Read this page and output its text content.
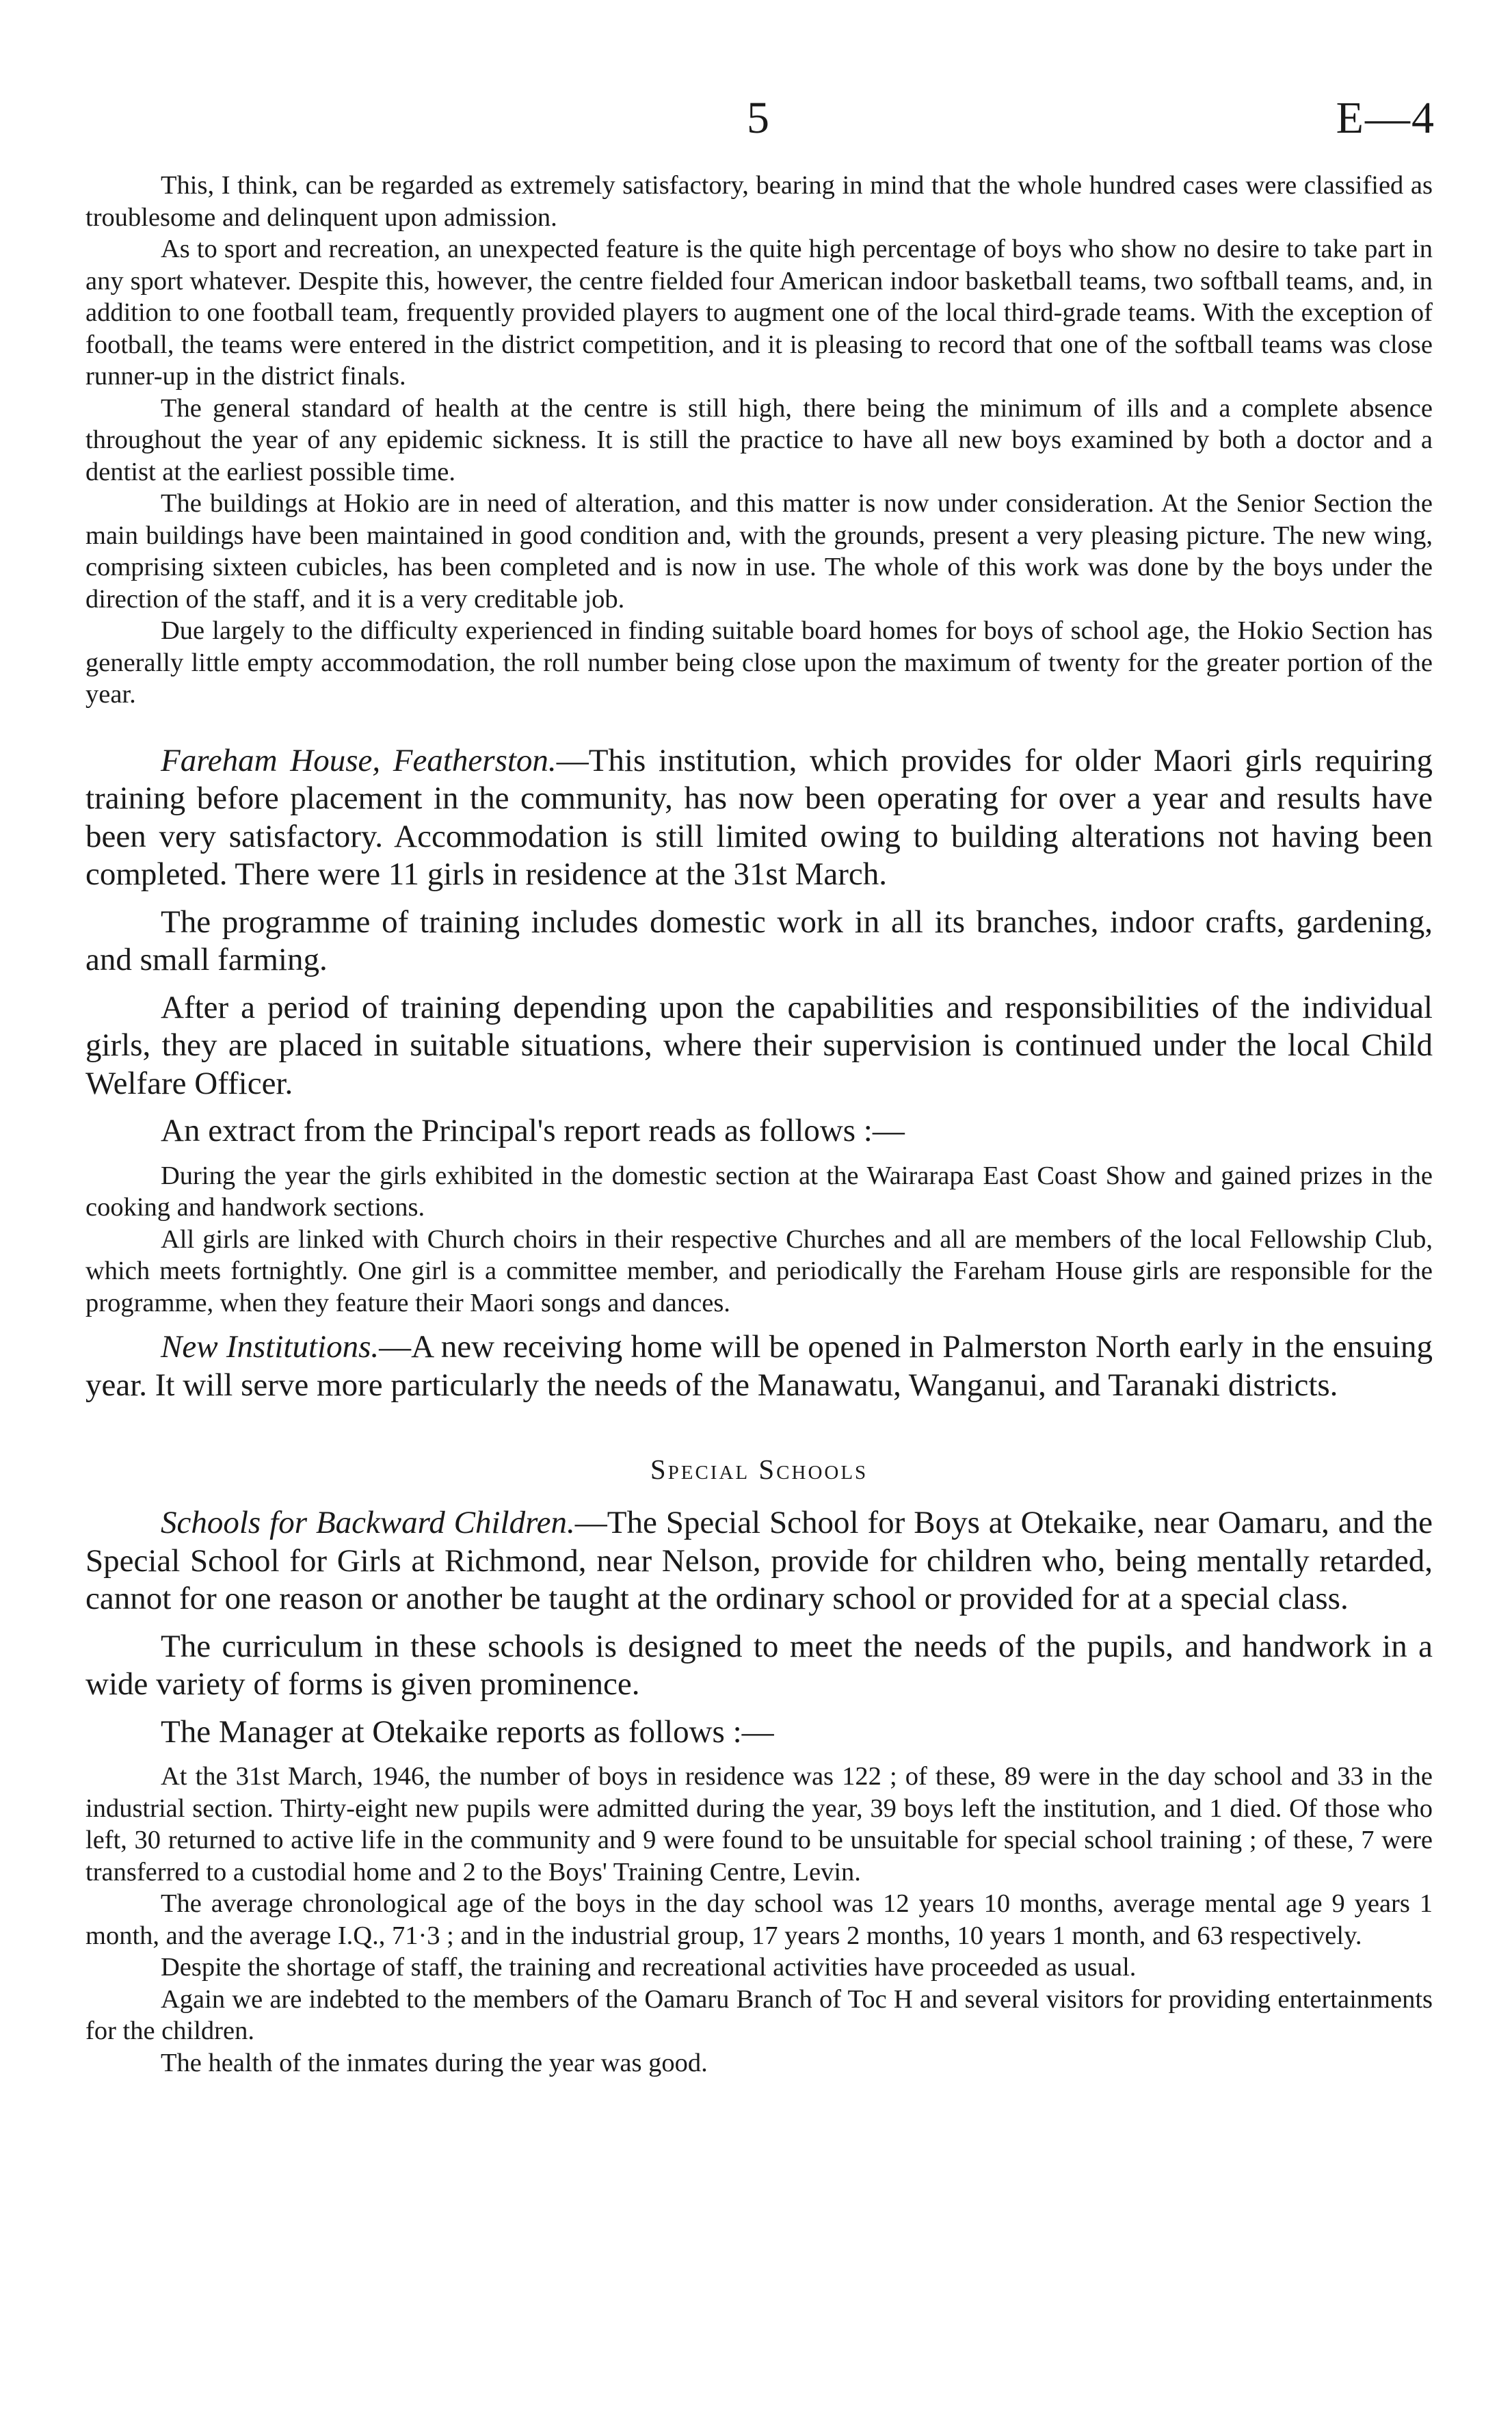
5	E—4

This, I think, can be regarded as extremely satisfactory, bearing in mind that the whole hundred cases were classified as troublesome and delinquent upon admission.

As to sport and recreation, an unexpected feature is the quite high percentage of boys who show no desire to take part in any sport whatever. Despite this, however, the centre fielded four American indoor basketball teams, two softball teams, and, in addition to one football team, frequently provided players to augment one of the local third-grade teams. With the exception of football, the teams were entered in the district competition, and it is pleasing to record that one of the softball teams was close runner-up in the district finals.

The general standard of health at the centre is still high, there being the minimum of ills and a complete absence throughout the year of any epidemic sickness. It is still the practice to have all new boys examined by both a doctor and a dentist at the earliest possible time.

The buildings at Hokio are in need of alteration, and this matter is now under consideration. At the Senior Section the main buildings have been maintained in good condition and, with the grounds, present a very pleasing picture. The new wing, comprising sixteen cubicles, has been completed and is now in use. The whole of this work was done by the boys under the direction of the staff, and it is a very creditable job.

Due largely to the difficulty experienced in finding suitable board homes for boys of school age, the Hokio Section has generally little empty accommodation, the roll number being close upon the maximum of twenty for the greater portion of the year.

Fareham House, Featherston.—This institution, which provides for older Maori girls requiring training before placement in the community, has now been operating for over a year and results have been very satisfactory. Accommodation is still limited owing to building alterations not having been completed. There were 11 girls in residence at the 31st March.

The programme of training includes domestic work in all its branches, indoor crafts, gardening, and small farming.

After a period of training depending upon the capabilities and responsibilities of the individual girls, they are placed in suitable situations, where their supervision is continued under the local Child Welfare Officer.

An extract from the Principal's report reads as follows :—

During the year the girls exhibited in the domestic section at the Wairarapa East Coast Show and gained prizes in the cooking and handwork sections.

All girls are linked with Church choirs in their respective Churches and all are members of the local Fellowship Club, which meets fortnightly. One girl is a committee member, and periodically the Fareham House girls are responsible for the programme, when they feature their Maori songs and dances.

New Institutions.—A new receiving home will be opened in Palmerston North early in the ensuing year. It will serve more particularly the needs of the Manawatu, Wanganui, and Taranaki districts.

Special Schools

Schools for Backward Children.—The Special School for Boys at Otekaike, near Oamaru, and the Special School for Girls at Richmond, near Nelson, provide for children who, being mentally retarded, cannot for one reason or another be taught at the ordinary school or provided for at a special class.

The curriculum in these schools is designed to meet the needs of the pupils, and handwork in a wide variety of forms is given prominence.

The Manager at Otekaike reports as follows :—

At the 31st March, 1946, the number of boys in residence was 122 ; of these, 89 were in the day school and 33 in the industrial section. Thirty-eight new pupils were admitted during the year, 39 boys left the institution, and 1 died. Of those who left, 30 returned to active life in the community and 9 were found to be unsuitable for special school training ; of these, 7 were transferred to a custodial home and 2 to the Boys' Training Centre, Levin.

The average chronological age of the boys in the day school was 12 years 10 months, average mental age 9 years 1 month, and the average I.Q., 71·3 ; and in the industrial group, 17 years 2 months, 10 years 1 month, and 63 respectively.

Despite the shortage of staff, the training and recreational activities have proceeded as usual.

Again we are indebted to the members of the Oamaru Branch of Toc H and several visitors for providing entertainments for the children.

The health of the inmates during the year was good.
